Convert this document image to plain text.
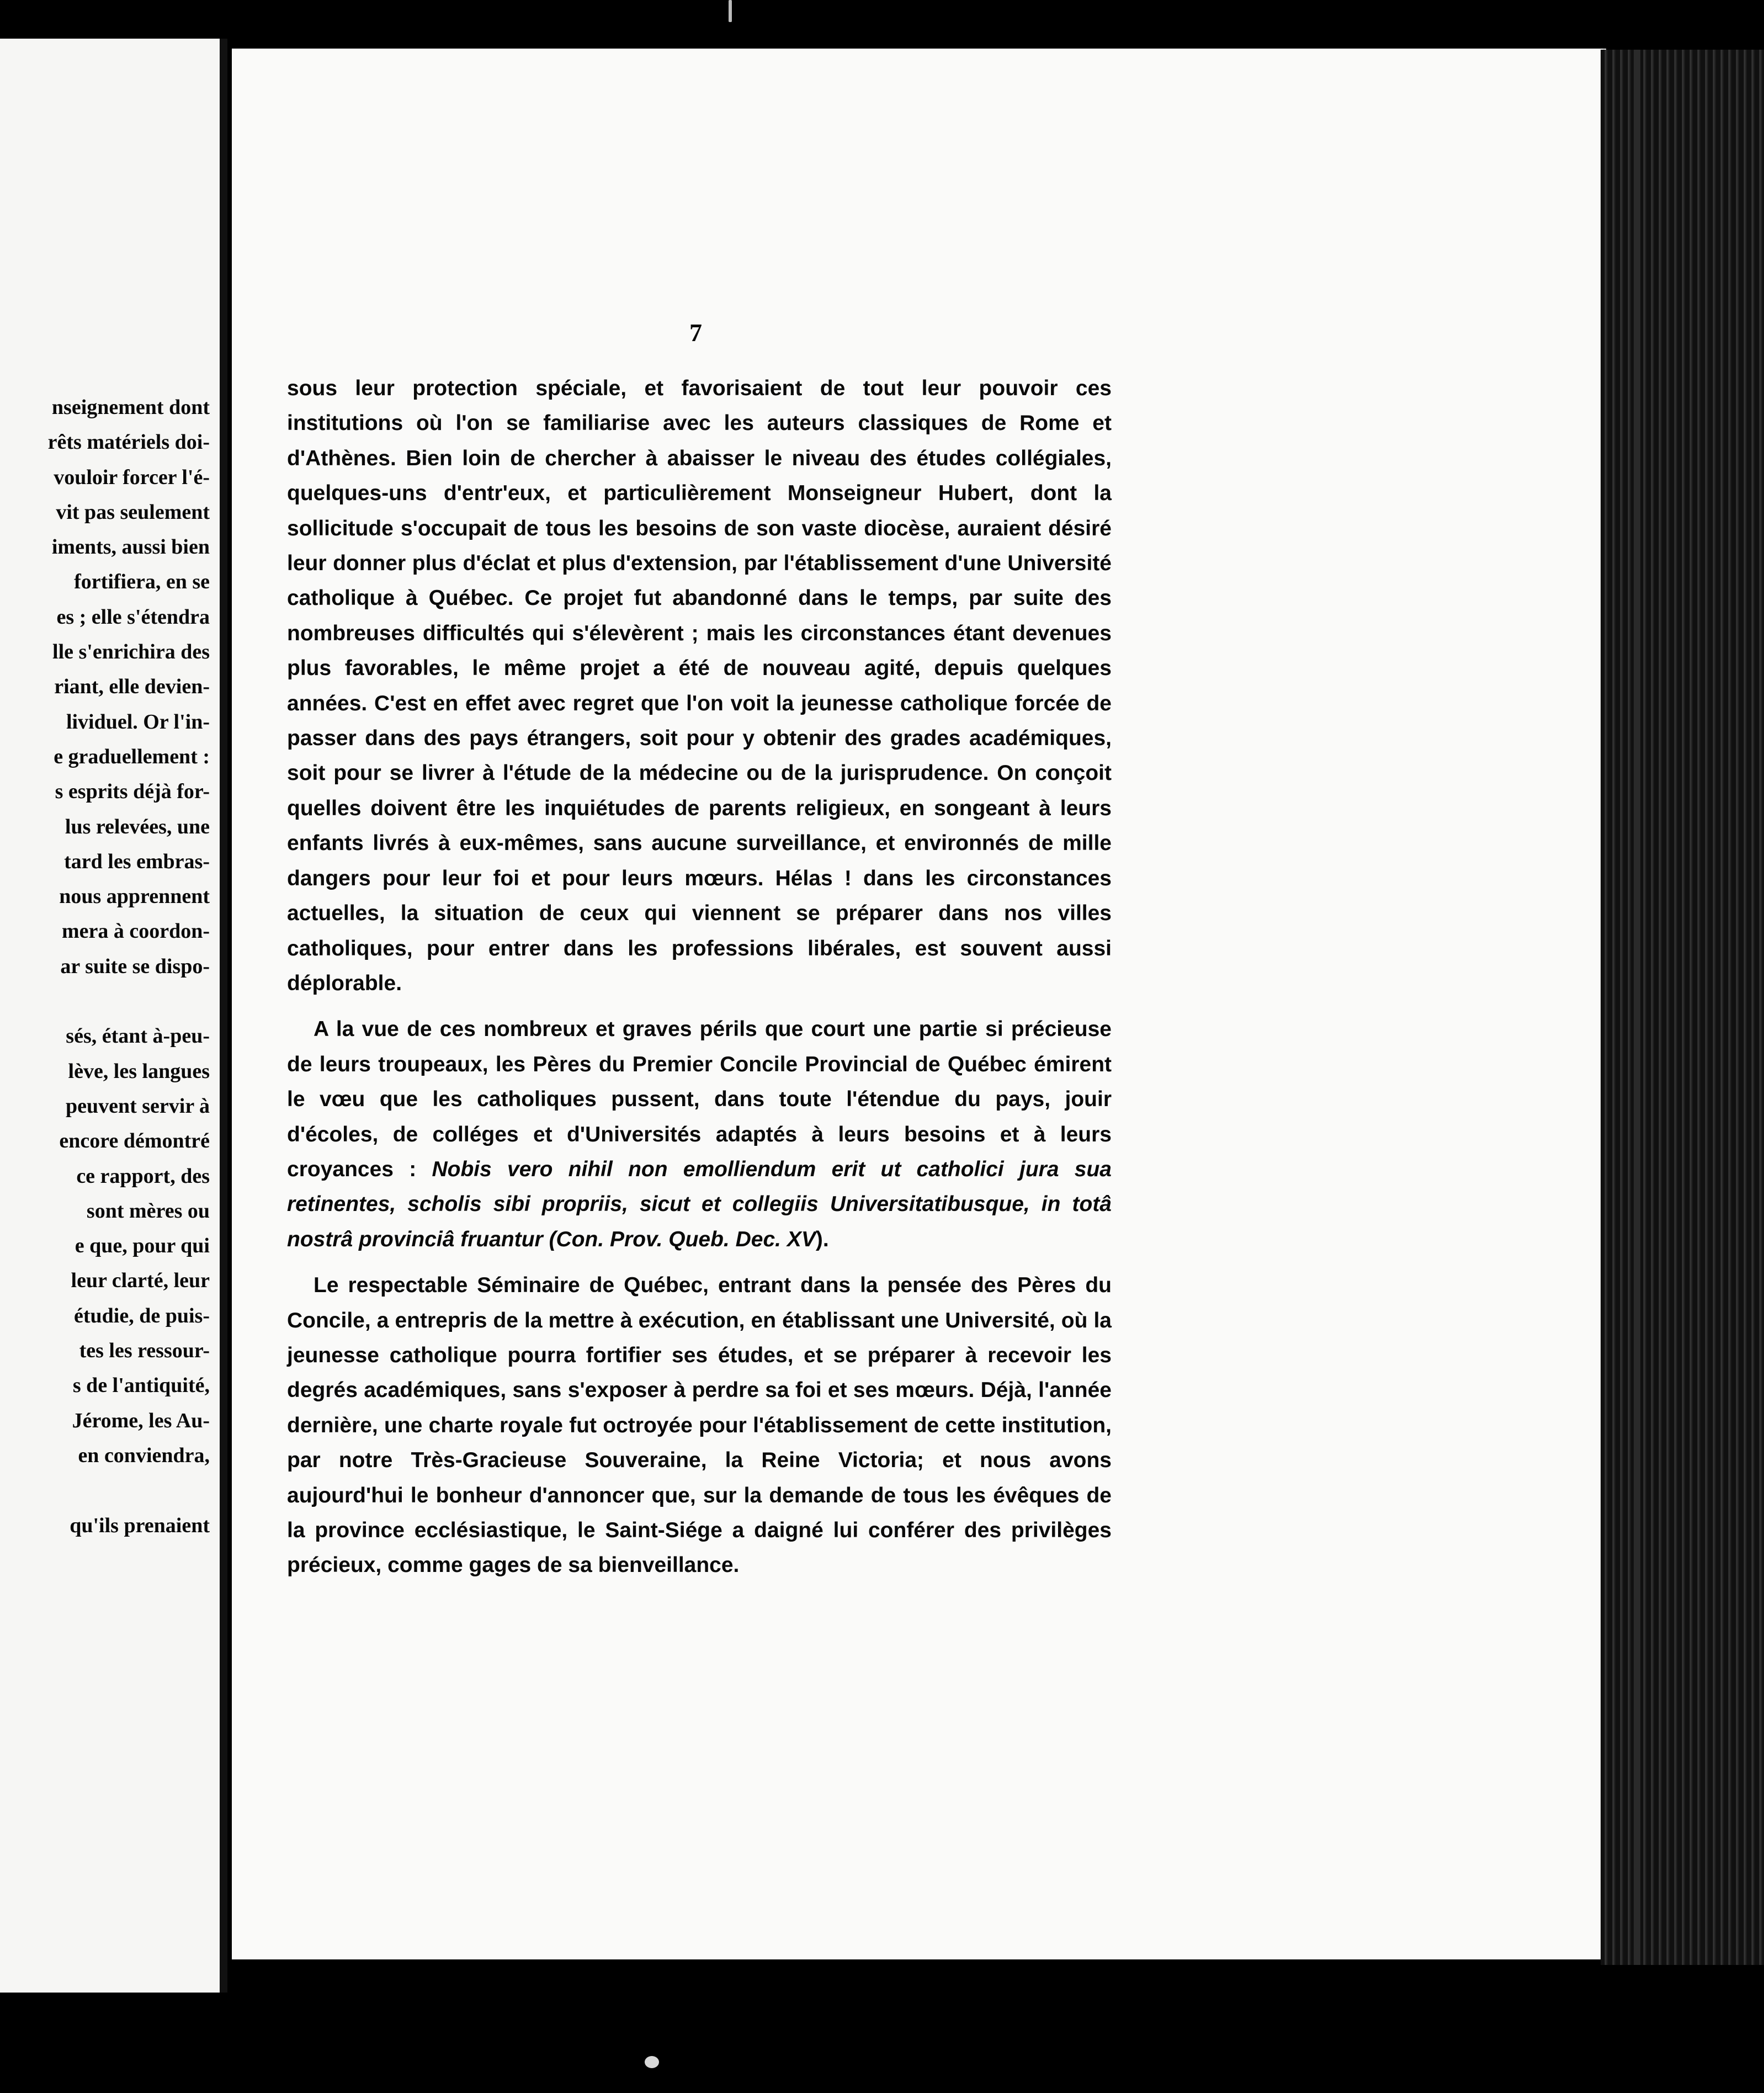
nseignement dont
rêts matériels doi-
vouloir forcer l'é-
vit pas seulement
iments, aussi bien
fortifiera, en se
es ; elle s'étendra
lle s'enrichira des
riant, elle devien-
lividuel. Or l'in-
e graduellement :
s esprits déjà for-
lus relevées, une
tard les embras-
nous apprennent
mera à coordon-
ar suite se dispo-
sés, étant à-peu-
lève, les langues
peuvent servir à
encore démontré
ce rapport, des
sont mères ou
e que, pour qui
leur clarté, leur
étudie, de puis-
tes les ressour-
s de l'antiquité,
Jérome, les Au-
en conviendra,
qu'ils prenaient
7

sous leur protection spéciale, et favorisaient de tout leur pouvoir ces institutions où l'on se familiarise avec les auteurs classiques de Rome et d'Athènes. Bien loin de chercher à abaisser le niveau des études collégiales, quelques-uns d'entr'eux, et particulièrement Monseigneur Hubert, dont la sollicitude s'occupait de tous les besoins de son vaste diocèse, auraient désiré leur donner plus d'éclat et plus d'extension, par l'établissement d'une Université catholique à Québec. Ce projet fut abandonné dans le temps, par suite des nombreuses difficultés qui s'élevèrent ; mais les circonstances étant devenues plus favorables, le même projet a été de nouveau agité, depuis quelques années. C'est en effet avec regret que l'on voit la jeunesse catholique forcée de passer dans des pays étrangers, soit pour y obtenir des grades académiques, soit pour se livrer à l'étude de la médecine ou de la jurisprudence. On conçoit quelles doivent être les inquiétudes de parents religieux, en songeant à leurs enfants livrés à eux-mêmes, sans aucune surveillance, et environnés de mille dangers pour leur foi et pour leurs mœurs. Hélas ! dans les circonstances actuelles, la situation de ceux qui viennent se préparer dans nos villes catholiques, pour entrer dans les professions libérales, est souvent aussi déplorable.

A la vue de ces nombreux et graves périls que court une partie si précieuse de leurs troupeaux, les Pères du Premier Concile Provincial de Québec émirent le vœu que les catholiques pussent, dans toute l'étendue du pays, jouir d'écoles, de colléges et d'Universités adaptés à leurs besoins et à leurs croyances : Nobis vero nihil non emolliendum erit ut catholici jura sua retinentes, scholis sibi propriis, sicut et collegiis Universitatibusque, in totâ nostrâ provinciâ fruantur (Con. Prov. Queb. Dec. XV).

Le respectable Séminaire de Québec, entrant dans la pensée des Pères du Concile, a entrepris de la mettre à exécution, en établissant une Université, où la jeunesse catholique pourra fortifier ses études, et se préparer à recevoir les degrés académiques, sans s'exposer à perdre sa foi et ses mœurs. Déjà, l'année dernière, une charte royale fut octroyée pour l'établissement de cette institution, par notre Très-Gracieuse Souveraine, la Reine Victoria; et nous avons aujourd'hui le bonheur d'annoncer que, sur la demande de tous les évêques de la province ecclésiastique, le Saint-Siége a daigné lui conférer des privilèges précieux, comme gages de sa bienveillance.
